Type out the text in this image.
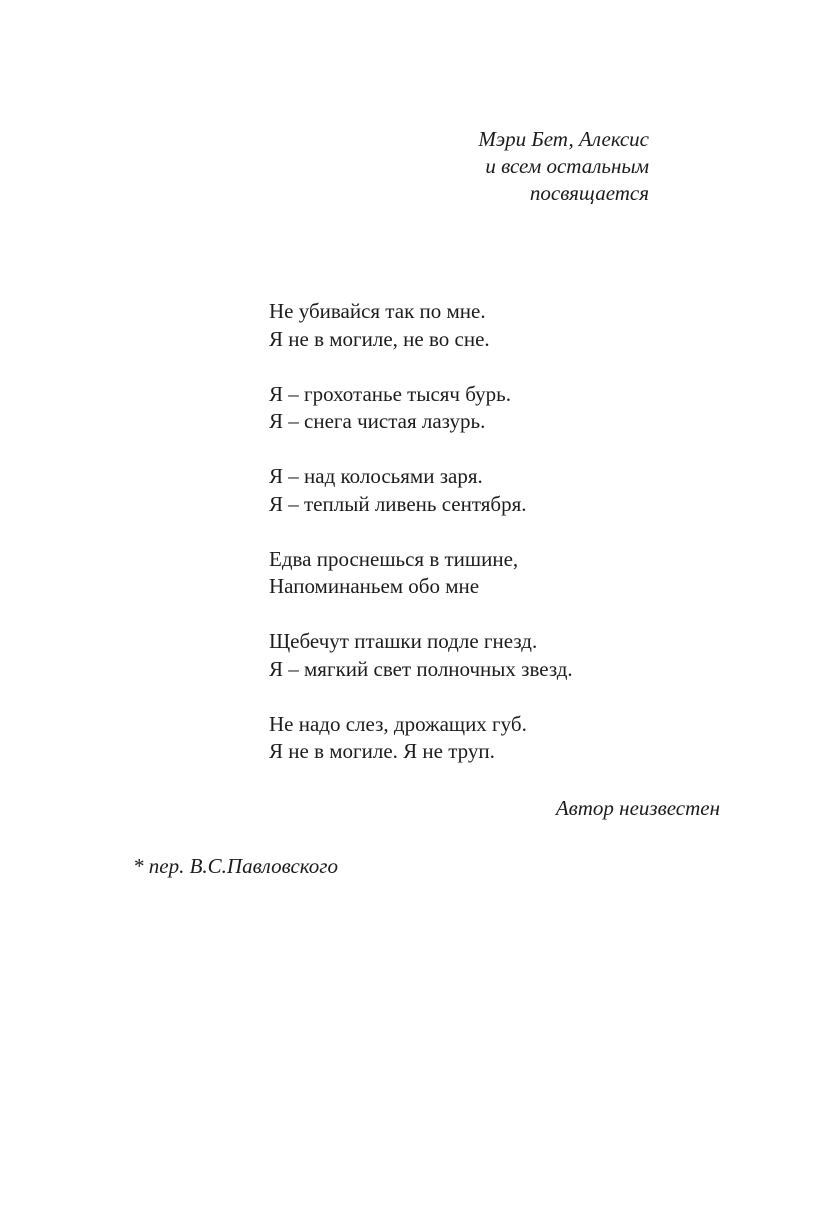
Мэри Бет, Алексис
и всем остальным
посвящается
Не убивайся так по мне.
Я не в могиле, не во сне.
Я – грохотанье тысяч бурь.
Я – снега чистая лазурь.
Я – над колосьями заря.
Я – теплый ливень сентября.
Едва проснешься в тишине,
Напоминаньем обо мне
Щебечут пташки подле гнезд.
Я – мягкий свет полночных звезд.
Не надо слез, дрожащих губ.
Я не в могиле. Я не труп.
Автор неизвестен
* пер. В.С.Павловского
